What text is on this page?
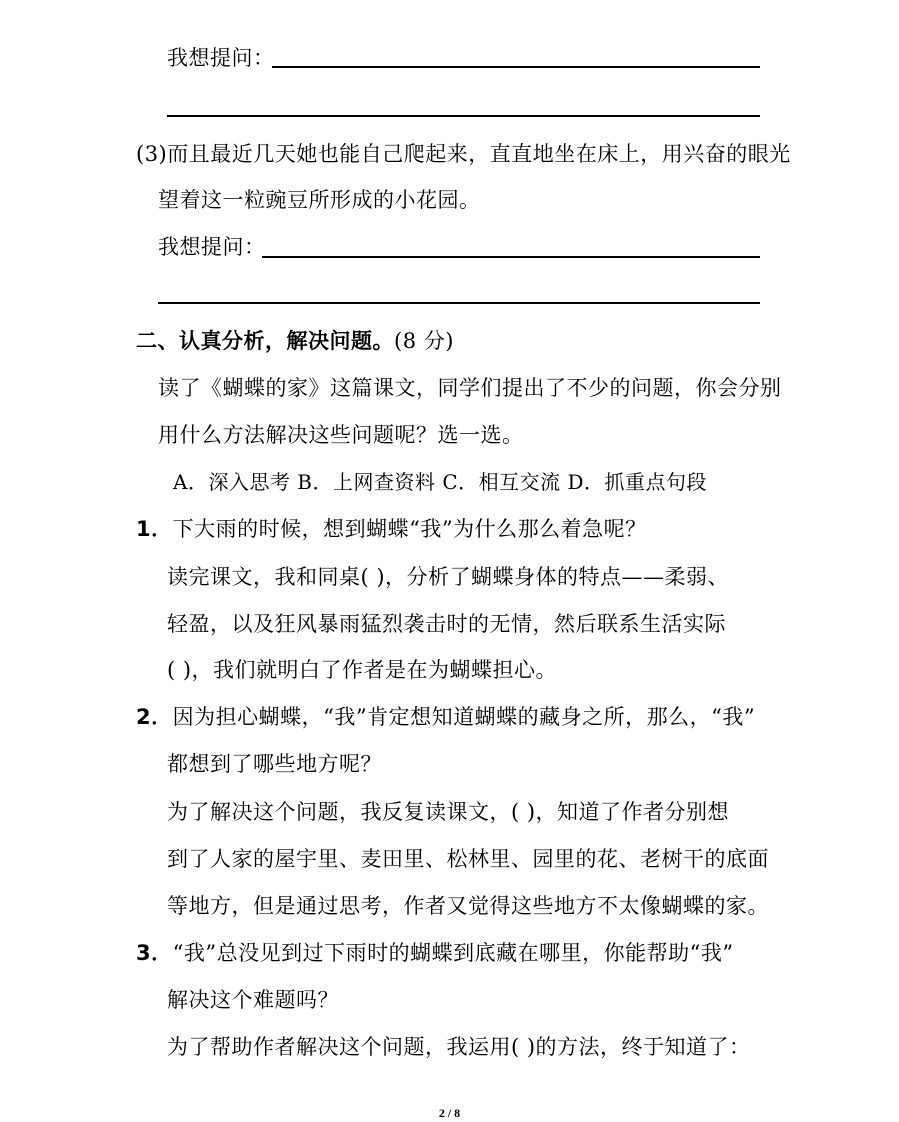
我想提问：
(3)而且最近几天她也能自己爬起来，直直地坐在床上，用兴奋的眼光
望着这一粒豌豆所形成的小花园。
我想提问：
二、认真分析，解决问题。(8 分)
读了《蝴蝶的家》这篇课文，同学们提出了不少的问题，你会分别
用什么方法解决这些问题呢？选一选。
A．深入思考 B．上网查资料 C．相互交流 D．抓重点句段
1．下大雨的时候，想到蝴蝶“我”为什么那么着急呢？
读完课文，我和同桌( )，分析了蝴蝶身体的特点——柔弱、
轻盈，以及狂风暴雨猛烈袭击时的无情，然后联系生活实际
( )，我们就明白了作者是在为蝴蝶担心。
2．因为担心蝴蝶，“我”肯定想知道蝴蝶的藏身之所，那么，“我”
都想到了哪些地方呢？
为了解决这个问题，我反复读课文，( )，知道了作者分别想
到了人家的屋宇里、麦田里、松林里、园里的花、老树干的底面
等地方，但是通过思考，作者又觉得这些地方不太像蝴蝶的家。
3．“我”总没见到过下雨时的蝴蝶到底藏在哪里，你能帮助“我”
解决这个难题吗？
为了帮助作者解决这个问题，我运用( )的方法，终于知道了：
2 / 8
